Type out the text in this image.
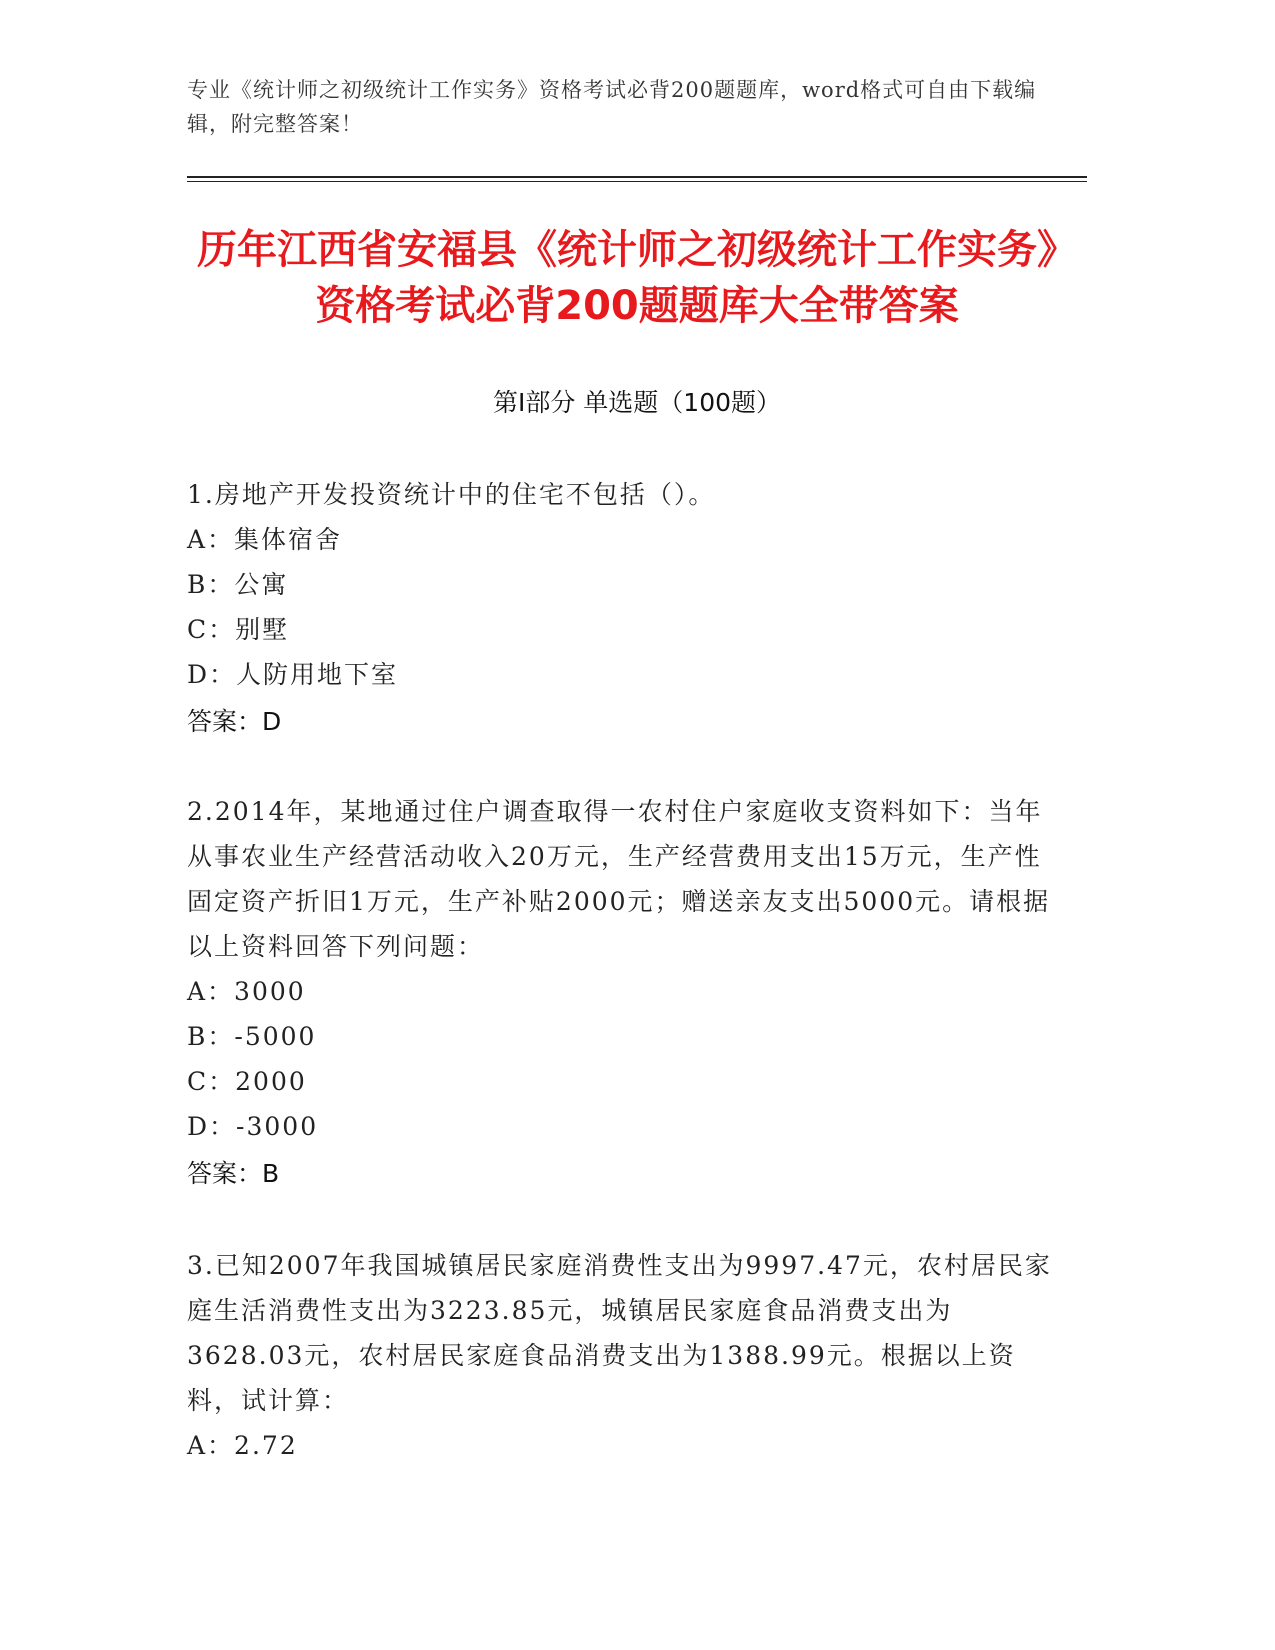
专业《统计师之初级统计工作实务》资格考试必背200题题库，word格式可自由下载编辑，附完整答案！
历年江西省安福县《统计师之初级统计工作实务》资格考试必背200题题库大全带答案
第Ⅰ部分 单选题（100题）
1.房地产开发投资统计中的住宅不包括（）。
A：集体宿舍
B：公寓
C：别墅
D：人防用地下室
答案：D
2.2014年，某地通过住户调查取得一农村住户家庭收支资料如下：当年从事农业生产经营活动收入20万元，生产经营费用支出15万元，生产性固定资产折旧1万元，生产补贴2000元；赠送亲友支出5000元。请根据以上资料回答下列问题：
A：3000
B：-5000
C：2000
D：-3000
答案：B
3.已知2007年我国城镇居民家庭消费性支出为9997.47元，农村居民家庭生活消费性支出为3223.85元，城镇居民家庭食品消费支出为3628.03元，农村居民家庭食品消费支出为1388.99元。根据以上资料，试计算：
A：2.72
